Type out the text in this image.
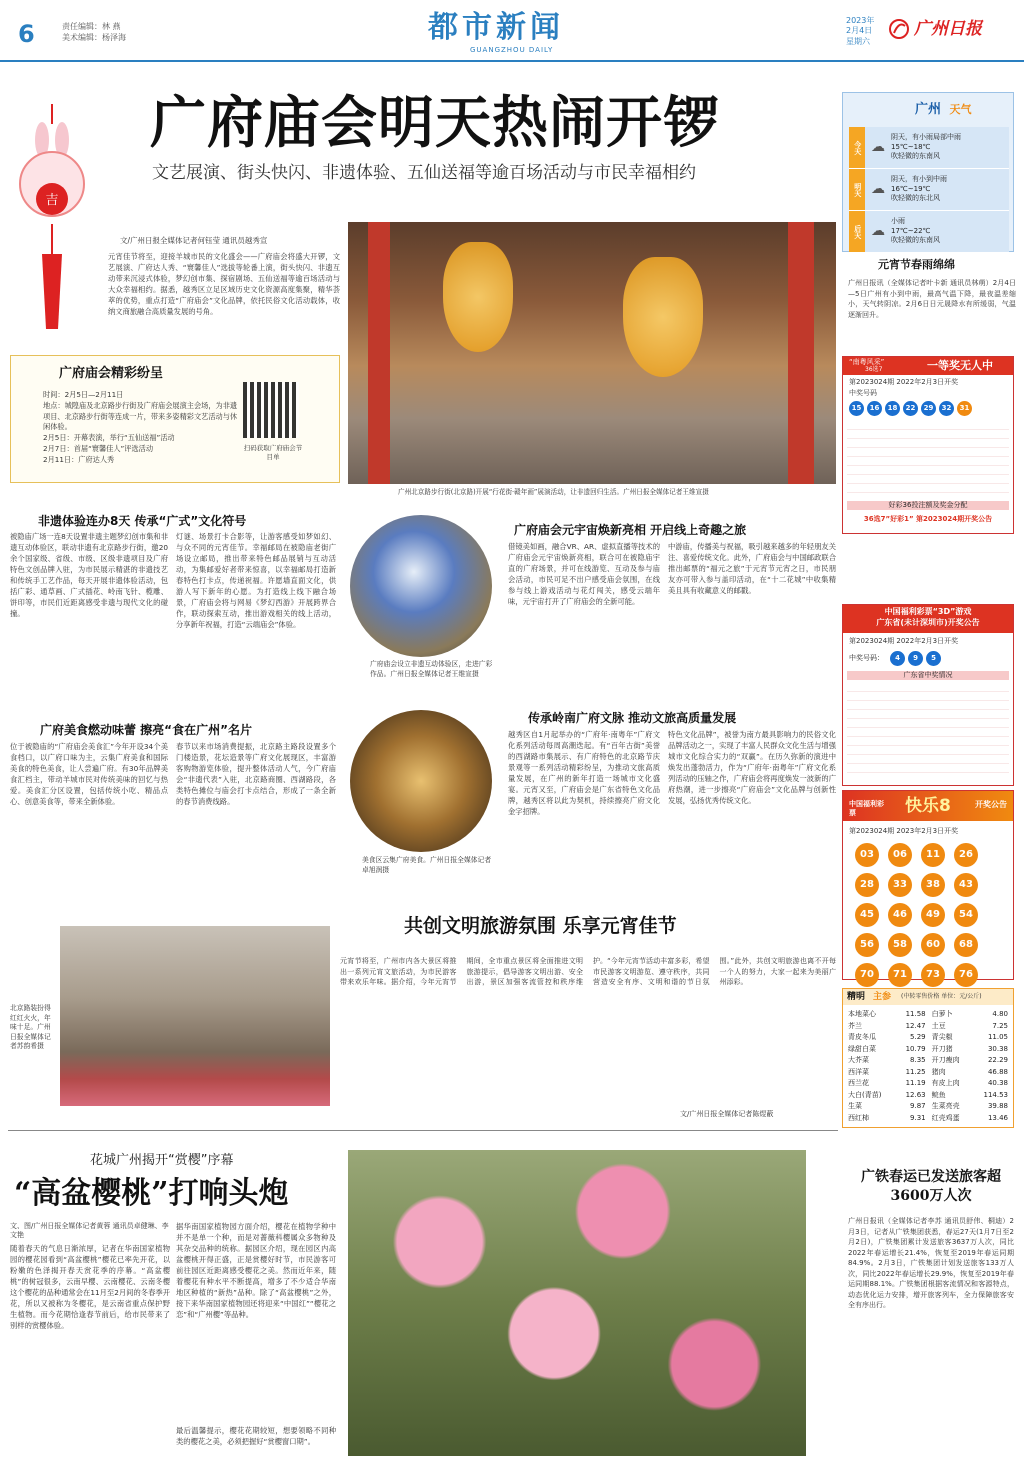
6	责任编辑：林 燕
美术编辑：杨泽海	都市新闻
GUANGZHOU DAILY
2023年
2月4日
星期六
广州日报
吉
广府庙会明天热闹开锣
文艺展演、街头快闪、非遗体验、五仙送福等逾百场活动与市民幸福相约
文/广州日报全媒体记者何钰莹 通讯员越秀宣
元宵佳节将至，迎接羊城市民的文化盛会——广府庙会将盛大开锣，文艺展演、广府达人秀、“寰馨佳人”选拔等轮番上演，街头快闪、非遗互动带来沉浸式体验，梦幻创市集、探宿剧场、五仙送福等逾百场活动与大众幸福相约。据悉，越秀区立足区域历史文化资源高度集聚，精华荟萃的优势，重点打造“广府庙会”文化品牌，依托民俗文化活动载体，收纳文商旅融合高质量发展的号角。
广府庙会精彩纷呈
时间：2月5日—2月11日
地点：城隍庙及北京路步行街及广府庙会展演主会场，为非遗项目、北京路步行街等连成一片，带来多姿精彩文艺活动与休闲体验。
2月5日：开幕表演，举行“五仙送福”活动
2月7日：首届“寰馨佳人”评选活动
2月11日：广府达人秀
扫码获取广府庙会节目单
广州北京路步行街(北京路)开展“行花街·赣年画”展演活动，让非遗回归生活。广州日报全媒体记者王维宣摄
广州 天气
今天 ☁
阴天，有小雨局部中雨
15℃~18℃
吹轻微的东南风
明天 ☁
阴天，有小到中雨
16℃~19℃
吹轻微的东北风
后天 ☁
小雨
17℃~22℃
吹轻微的东南风
元宵节春雨绵绵
广州日报讯（全媒体记者叶卡新 通讯员林萌）2月4日—5日广州有小到中雨，最高气温下降，最夜温差缩小，天气转阴凉。2月6日日元晟降水有所缓弱，气温逐渐回升。
“南粤风采”
36选7	一等奖无人中
第2023024期 2022年2月3日开奖
中奖号码
15 16 18 22 29 32 31
好彩36投注额及奖金分配
36选7”好彩1” 第2023024期开奖公告
中国福利彩票“3D”游戏
广东省(未计深圳市)开奖公告
第2023024期 2022年2月3日开奖
中奖号码：	4	9	5
广东省中奖情况
中国福利彩票	快乐8	开奖公告
第2023024期 2023年2月3日开奖
03	06	11	26
28	33	38	43
45	46	49	54
56	58	60	68
70	71	73	76
精明 主参 (中转零售价格 单位：元/公斤)
本地菜心	11.58	白萝卜	4.80
芥兰	12.47	土豆	7.25
青皮冬瓜	5.29	青尖椒	11.05
绿甜白菜	10.79	开刀猪	30.38
大芥菜	8.35	开刀瘦肉	22.29
西洋菜	11.25	猪肉	46.88
西兰花	11.19	有皮上肉	40.38
大白(青苗)	12.63	鲩鱼	114.53
生菜	9.87	生菜亮壳	39.88
西红柿	9.31	红壳鸡蛋	13.46
广铁春运已发送旅客超3600万人次
广州日报讯（全媒体记者李苏 通讯员舒伟、桐迪）2月3日，记者从广铁集团获悉，春运27天(1月7日至2月2日)，广铁集团累计发送旅客3637万人次，同比2022年春运增长21.4%，恢复至2019年春运同期84.9%。2月3日，广铁集团计划发送旅客133万人次，同比2022年春运增长29.9%，恢复至2019年春运同期88.1%。广铁集团根据客流情况和客源特点，动态优化运力安排，增开旅客列车，全力保障旅客安全有序出行。
非遗体验连办8天 传承“广式”文化符号
被隐庙广场一连8天设置非遗主题梦幻创市集和非遗互动体验区，联动非遗有北京路步行街，邀20余个国家级、省级、市级、区级非遗项目及广府特色文创品牌入驻，为市民展示精湛的非遗技艺和传统手工艺作品，每天开展非遗体验活动，包括广彩、通草画、广式插花、岭南飞针、榄雕、饼印等，市民们近距离感受非遗与现代文化的碰撞。
广府美食燃动味蕾 擦亮“食在广州”名片
位于被隐庙的“广府庙会美食汇”今年开设34个美食档口，以广府口味为主，云集广府美食和国际美食的特色美食，让人尝遍广府。有30年品牌美食汇档主，带动羊城市民对传统美味的回忆与热爱。美食汇分区设置，包括传统小吃、精品点心、创意美食等，带来全新体验。
北京路装扮得红红火火，年味十足。广州日报全媒体记者苏韵希摄
灯谜、场景打卡合影等，让游客感受如梦如幻、与众不同的元宵佳节。幸福邮局在被隐庙老街广场设立邮局，推出带来特色邮品展销与互动活动，为集邮爱好者带来惊喜，以幸福邮局打造新春特色打卡点，传递祝福。许愿墙直面文化，供游人写下新年的心愿。为打造线上线下融合场景，广府庙会将与网易《梦幻西游》开展跨界合作，联动探索互动，推出游戏相关的线上活动，分享新年祝福，打造“云端庙会”体验。
春节以来市场消费提振，北京路主路段设置多个门楼造景，花坛造景等广府文化展现区，丰富游客购物游览体验，提升整体活动人气，今广府庙会“非遗代表”入驻，北京路商圈、西湖路段，各类特色摊位与庙会打卡点结合，形成了一条全新的春节消费线路。
广府庙会设立非遗互动体验区，走进广彩作品。广州日报全媒体记者王维宣摄
美食区云集广府美食。广州日报全媒体记者卓旭润摄
广府庙会元宇宙焕新亮相 开启线上奇趣之旅
借镜美如画，融合VR、AR、虚拟直播等技术的广府庙会元宇宙焕新亮相，联合可在被隐庙宇直的广府场景，并可在线游览、互动及参与庙会活动，市民可足不出户感受庙会氛围，在线参与线上游戏活动与花灯闯关，感受云端年味，元宇宙打开了广府庙会的全新可能。
中游庙，传播美与祝福，吸引越来越多的年轻朋友关注、喜爱传统文化。此外，广府庙会与中国邮政联合推出邮票的“福元之旅”于元宵节元宵之日，市民朋友亦可带入参与盖印活动，在“十二花城”中收集精美且具有收藏意义的邮戳。
传承岭南广府文脉 推动文旅高质量发展
越秀区自1月起举办的“广府年·南粤年”广府文化系列活动每周高潮迭起。有“百年古街”美誉的西湖路市集展示、有广府特色的北京路节庆景观等一系列活动精彩纷呈，为推动文旅高质量发展，在广州的新年打造一场城市文化盛宴。元宵又至，广府庙会是广东省特色文化品牌，越秀区将以此为契机，持续擦亮广府文化金字招牌。
特色文化品牌”，被誉为南方最具影响力的民俗文化品牌活动之一，实现了丰富人民群众文化生活与增强城市文化综合实力的“双赢”。在历久弥新的演进中焕发出蓬勃活力，作为“广府年·南粤年”广府文化系列活动的压轴之作，广府庙会将再度焕发一波新的广府热潮，进一步擦亮“广府庙会”文化品牌与创新性发展，弘扬优秀传统文化。
共创文明旅游氛围 乐享元宵佳节
元宵节将至，广州市内各大景区将推出一系列元宵文旅活动，为市民游客带来欢乐年味。据介绍，今年元宵节期间，全市重点景区将全面推进文明旅游提示，倡导游客文明出游、安全出游，景区加强客流管控和秩序维护。“今年元宵节活动丰富多彩，希望市民游客文明游览、遵守秩序，共同营造安全有序、文明和谐的节日氛围。”此外，共创文明旅游也离不开每一个人的努力，大家一起来为美丽广州添彩。
文/广州日报全媒体记者陈煜蔽
花城广州揭开“赏樱”序幕
“高盆樱桃”打响头炮
文、图/广州日报全媒体记者黄蓉 通讯员卓健琳、李文艳
随着春天的气息日渐浓厚，记者在华南国家植物园的樱花园看到“高盆樱桃”樱花已率先开花，以粉嫩的色泽揭开春天赏花季的序幕。“高盆樱桃”的树冠很多，云南早樱、云南樱花、云南冬樱这个樱花的品种通常会在11月至2月间的冬春季开花，所以又被称为冬樱花，是云南省重点保护野生植物。而今花期恰逢春节前后，给市民带来了别样的赏樱体验。
据华南国家植物园方面介绍，樱花在植物学种中并不是单一个种，而是对蔷薇科樱属众多物种及其杂交品种的统称。据园区介绍，现在园区内高盆樱桃开得正盛，正是赏樱好时节，市民游客可前往园区近距离感受樱花之美。然而近年来，随着樱花有种水平不断提高，增多了不少适合华南地区种植的“新热”品种。除了“高盆樱桃”之外，接下来华南国家植物园还将迎来“中国红”“樱花之恋”和“广州樱”等品种。
最后温馨提示，樱花花期较短，想要领略不同种类的樱花之美，必须把握好“赏樱窗口期”。
